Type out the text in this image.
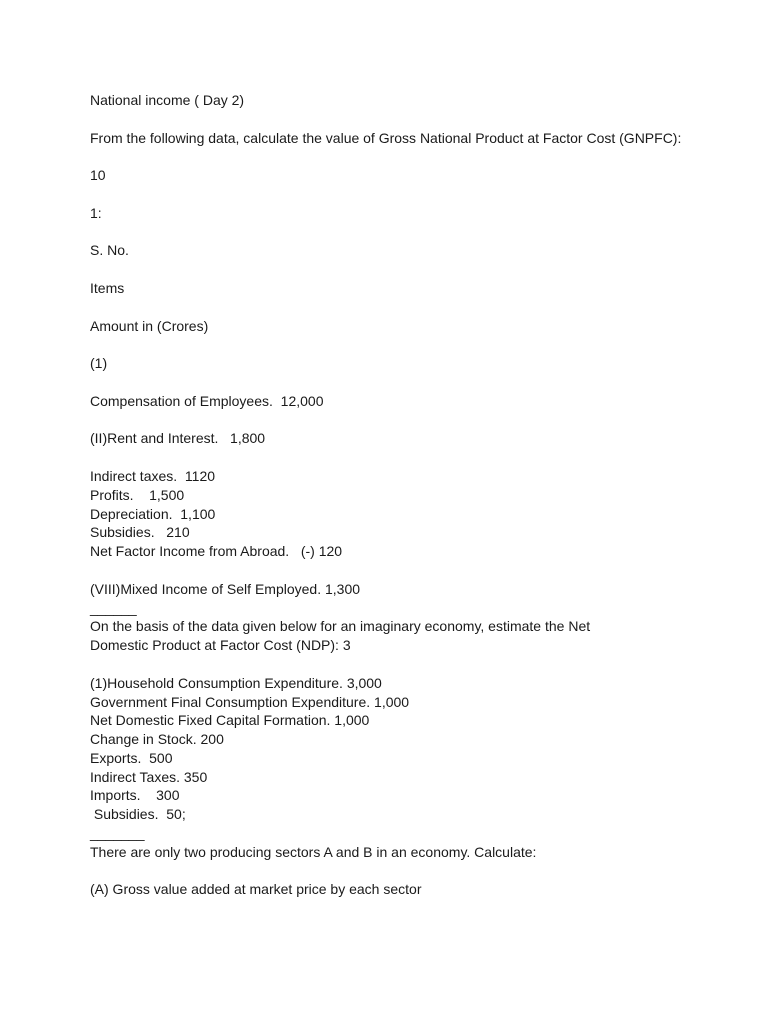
National income ( Day 2)
From the following data, calculate the value of Gross National Product at Factor Cost (GNPFC):
10
1:
S. No.
Items
Amount in (Crores)
(1)
Compensation of Employees.  12,000
(II)Rent and Interest.   1,800
Indirect taxes.  1120
Profits.    1,500
Depreciation.  1,100
Subsidies.   210
Net Factor Income from Abroad.   (-) 120
(VIII)Mixed Income of Self Employed. 1,300
______
On the basis of the data given below for an imaginary economy, estimate the Net Domestic Product at Factor Cost (NDP): 3
(1)Household Consumption Expenditure. 3,000
Government Final Consumption Expenditure. 1,000
Net Domestic Fixed Capital Formation. 1,000
Change in Stock. 200
Exports.  500
Indirect Taxes. 350
Imports.    300
Subsidies.  50;
_______
There are only two producing sectors A and B in an economy. Calculate:
(A) Gross value added at market price by each sector
